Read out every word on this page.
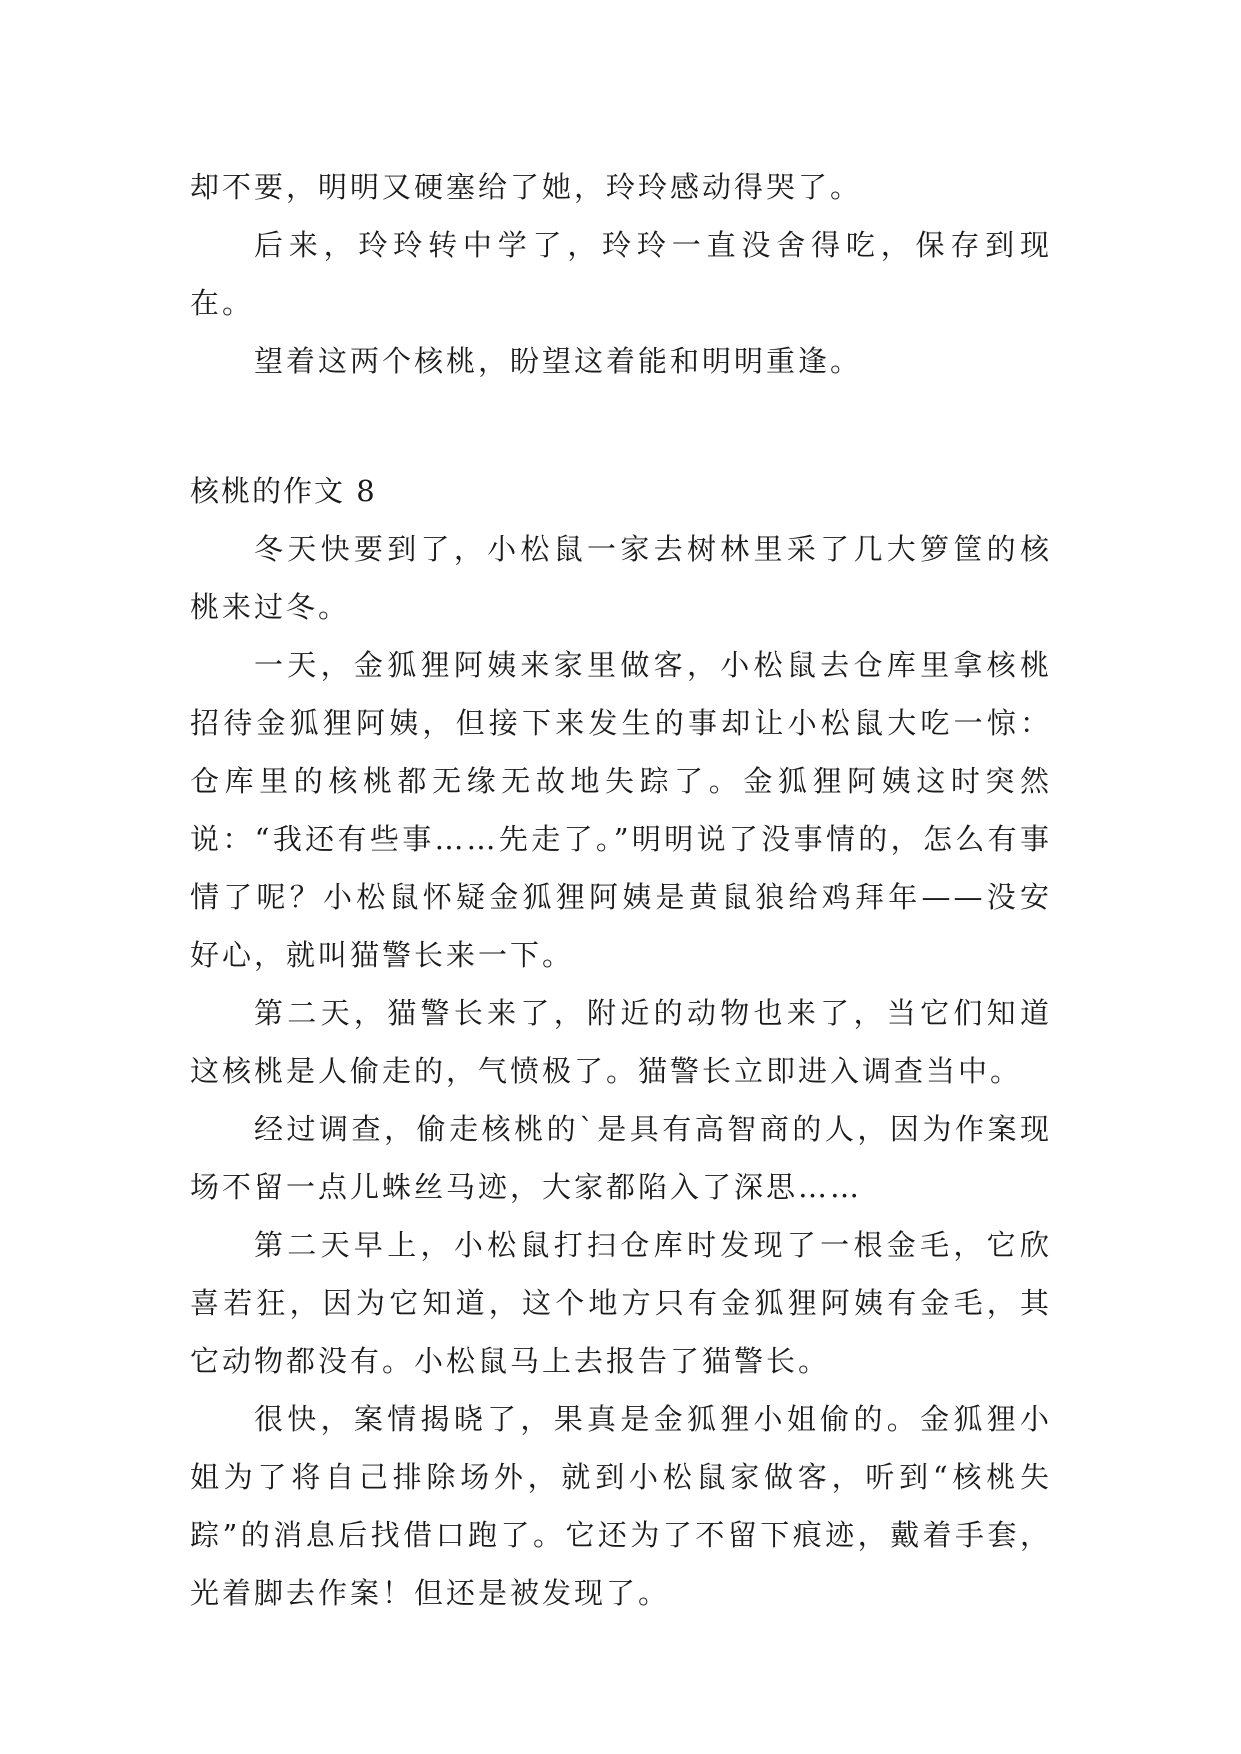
却不要，明明又硬塞给了她，玲玲感动得哭了。

后来，玲玲转中学了，玲玲一直没舍得吃，保存到现在。

望着这两个核桃，盼望这着能和明明重逢。

核桃的作文 8

冬天快要到了，小松鼠一家去树林里采了几大箩筐的核桃来过冬。

一天，金狐狸阿姨来家里做客，小松鼠去仓库里拿核桃招待金狐狸阿姨，但接下来发生的事却让小松鼠大吃一惊：仓库里的核桃都无缘无故地失踪了。金狐狸阿姨这时突然说：“我还有些事……先走了。”明明说了没事情的，怎么有事情了呢？小松鼠怀疑金狐狸阿姨是黄鼠狼给鸡拜年——没安好心，就叫猫警长来一下。

第二天，猫警长来了，附近的动物也来了，当它们知道这核桃是人偷走的，气愤极了。猫警长立即进入调查当中。

经过调查，偷走核桃的`是具有高智商的人，因为作案现场不留一点儿蛛丝马迹，大家都陷入了深思……

第二天早上，小松鼠打扫仓库时发现了一根金毛，它欣喜若狂，因为它知道，这个地方只有金狐狸阿姨有金毛，其它动物都没有。小松鼠马上去报告了猫警长。

很快，案情揭晓了，果真是金狐狸小姐偷的。金狐狸小姐为了将自己排除场外，就到小松鼠家做客，听到“核桃失踪”的消息后找借口跑了。它还为了不留下痕迹，戴着手套，光着脚去作案！但还是被发现了。
